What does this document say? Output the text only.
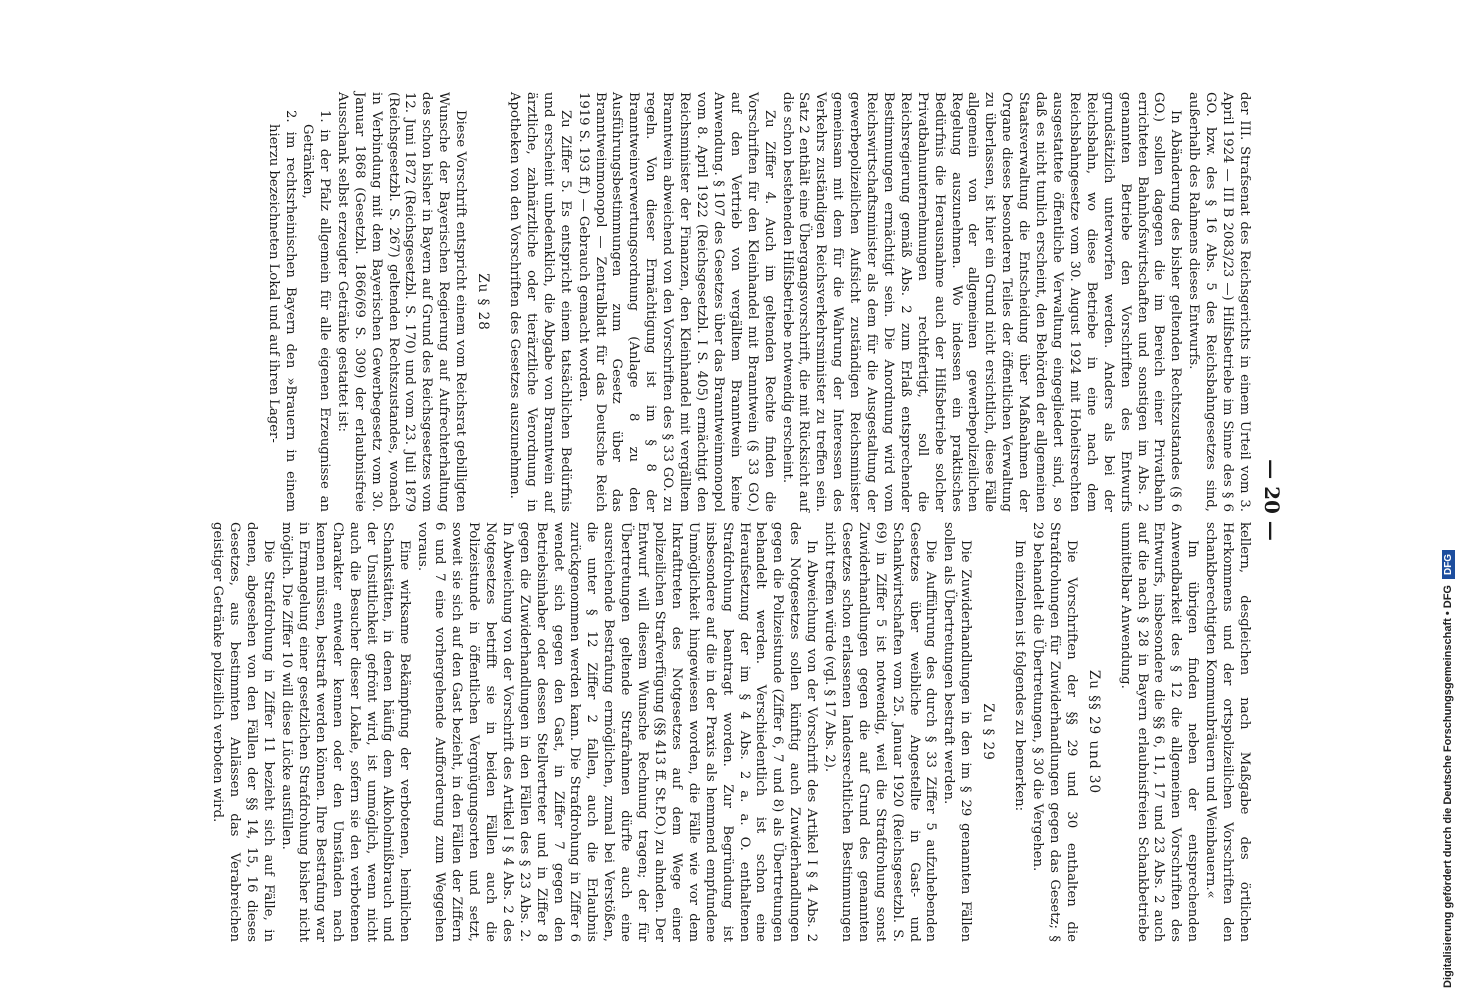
— 20 —

der III. Strafsenat des Reichsgerichts in einem Urteil vom 3. April 1924 — III B 2083/23 —) Hilfsbetriebe im Sinne des § 6 GO. bzw. des § 16 Abs. 5 des Reichsbahngesetzes sind, außerhalb des Rahmens dieses Entwurfs.

In Abänderung des bisher geltenden Rechtszustandes (§ 6 GO.) sollen dagegen die im Bereich einer Privatbahn errichteten Bahnhofswirtschaften und sonstigen im Abs. 2 genannten Betriebe den Vorschriften des Entwurfs grundsätzlich unterworfen werden. Anders als bei der Reichsbahn, wo diese Betriebe in eine nach dem Reichsbahngesetze vom 30. August 1924 mit Hoheitsrechten ausgestattete öffentliche Verwaltung eingegliedert sind, so daß es nicht tunlich erscheint, den Behörden der allgemeinen Staatsverwaltung die Entscheidung über Maßnahmen der Organe dieses besonderen Teiles der öffentlichen Verwaltung zu überlassen, ist hier ein Grund nicht ersichtlich, diese Fälle allgemein von der allgemeinen gewerbepolizeilichen Regelung auszunehmen. Wo indessen ein praktisches Bedürfnis die Herausnahme auch der Hilfsbetriebe solcher Privatbahnunternehmungen rechtfertigt, soll die Reichsregierung gemäß Abs. 2 zum Erlaß entsprechender Bestimmungen ermächtigt sein. Die Anordnung wird vom Reichswirtschaftsminister als dem für die Ausgestaltung der gewerbepolizeilichen Aufsicht zuständigen Reichsminister gemeinsam mit dem für die Wahrung der Interessen des Verkehrs zuständigen Reichsverkehrsminister zu treffen sein. Satz 2 enthält eine Übergangsvorschrift, die mit Rücksicht auf die schon bestehenden Hilfsbetriebe notwendig erscheint.

Zu Ziffer 4. Auch im geltenden Rechte finden die Vorschriften für den Kleinhandel mit Branntwein (§ 33 GO.) auf den Vertrieb von vergälltem Branntwein keine Anwendung. § 107 des Gesetzes über das Branntweinmonopol vom 8. April 1922 (Reichsgesetzbl. I S. 405) ermächtigt den Reichsminister der Finanzen, den Kleinhandel mit vergälltem Branntwein abweichend von den Vorschriften des § 33 GO. zu regeln. Von dieser Ermächtigung ist im § 8 der Branntweinverwertungsordnung (Anlage 8 zu den Ausführungsbestimmungen zum Gesetz über das Branntweinmonopol — Zentralblatt für das Deutsche Reich 1919 S. 193 ff.) — Gebrauch gemacht worden.

Zu Ziffer 5. Es entspricht einem tatsächlichen Bedürfnis und erscheint unbedenklich, die Abgabe von Branntwein auf ärztliche, zahnärztliche oder tierärztliche Verordnung in Apotheken von den Vorschriften des Gesetzes auszunehmen.

Zu § 28

Diese Vorschrift entspricht einem vom Reichsrat gebilligten Wunsche der Bayerischen Regierung auf Aufrechterhaltung des schon bisher in Bayern auf Grund des Reichsgesetzes vom 12. Juni 1872 (Reichsgesetzbl. S. 170) und vom 23. Juli 1879 (Reichsgesetzbl. S. 267) geltenden Rechtszustandes, wonach in Verbindung mit dem Bayerischen Gewerbegesetz vom 30. Januar 1868 (Gesetzbl. 1866/69 S. 309) der erlaubnisfreie Ausschank selbst erzeugter Getränke gestattet ist:

1. in der Pfalz allgemein für alle eigenen Erzeugnisse an Getränken,

2. im rechtsrheinischen Bayern den »Brauern in einem hierzu bezeichneten Lokal und auf ihren Lager-

kellern, desgleichen nach Maßgabe des örtlichen Herkommens und der ortspolizeilichen Vorschriften den schankberechtigten Kommunbräuern und Weinbauern.«

Im übrigen finden neben der entsprechenden Anwendbarkeit des § 12 die allgemeinen Vorschriften des Entwurfs, insbesondere die §§ 6, 11, 17 und 23 Abs. 2 auch auf die nach § 28 in Bayern erlaubnisfreien Schankbetriebe unmittelbar Anwendung.

Zu §§ 29 und 30

Die Vorschriften der §§ 29 und 30 enthalten die Strafdrohungen für Zuwiderhandlungen gegen das Gesetz; § 29 behandelt die Übertretungen, § 30 die Vergehen.

Im einzelnen ist folgendes zu bemerken:

Zu § 29

Die Zuwiderhandlungen in den im § 29 genannten Fällen sollen als Übertretungen bestraft werden.

Die Aufführung des durch § 33 Ziffer 5 aufzuhebenden Gesetzes über weibliche Angestellte in Gast- und Schankwirtschaften vom 25. Januar 1920 (Reichsgesetzbl. S. 69) in Ziffer 5 ist notwendig, weil die Strafdrohung sonst Zuwiderhandlungen gegen die auf Grund des genannten Gesetzes schon erlassenen landesrechtlichen Bestimmungen nicht treffen würde (vgl. § 17 Abs. 2).

In Abweichung von der Vorschrift des Artikel I § 4 Abs. 2 des Notgesetzes sollen künftig auch Zuwiderhandlungen gegen die Polizeistunde (Ziffer 6, 7 und 8) als Übertretungen behandelt werden. Verschiedentlich ist schon eine Heraufsetzung der im § 4 Abs. 2 a. a. O. enthaltenen Strafdrohung beantragt worden. Zur Begründung ist insbesondere auf die in der Praxis als hemmend empfundene Unmöglichkeit hingewiesen worden, die Fälle wie vor dem Inkrafttreten des Notgesetzes auf dem Wege einer polizeilichen Strafverfügung (§§ 413 ff. St.P.O.) zu ahnden. Der Entwurf will diesem Wunsche Rechnung tragen; der für Übertretungen geltende Strafrahmen dürfte auch eine ausreichende Bestrafung ermöglichen, zumal bei Verstößen, die unter § 12 Ziffer 2 fallen, auch die Erlaubnis zurückgenommen werden kann. Die Strafdrohung in Ziffer 6 wendet sich gegen den Gast, in Ziffer 7 gegen den Betriebsinhaber oder dessen Stellvertreter und in Ziffer 8 gegen die Zuwiderhandlungen in den Fällen des § 23 Abs. 2. In Abweichung von der Vorschrift des Artikel I § 4 Abs. 2 des Notgesetzes betrifft sie in beiden Fällen auch die Polizeistunde in öffentlichen Vergnügungsorten und setzt, soweit sie sich auf den Gast bezieht, in den Fällen der Ziffern 6 und 7 eine vorhergehende Aufforderung zum Weggehen voraus.

Eine wirksame Bekämpfung der verbotenen, heimlichen Schankstätten, in denen häufig dem Alkoholmißbrauch und der Unsittlichkeit gefrönt wird, ist unmöglich, wenn nicht auch die Besucher dieser Lokale, sofern sie den verbotenen Charakter entweder kennen oder den Umständen nach kennen müssen, bestraft werden können. Ihre Bestrafung war in Ermangelung einer gesetzlichen Strafdrohung bisher nicht möglich. Die Ziffer 10 will diese Lücke ausfüllen.

Die Strafdrohung in Ziffer 11 bezieht sich auf Fälle, in denen, abgesehen von den Fällen der §§ 14, 15, 16 dieses Gesetzes, aus bestimmten Anlässen das Verabreichen geistiger Getränke polizeilich verboten wird.	Digitalisierung gefördert durch die Deutsche Forschungsgemeinschaft • DFG
DFG
